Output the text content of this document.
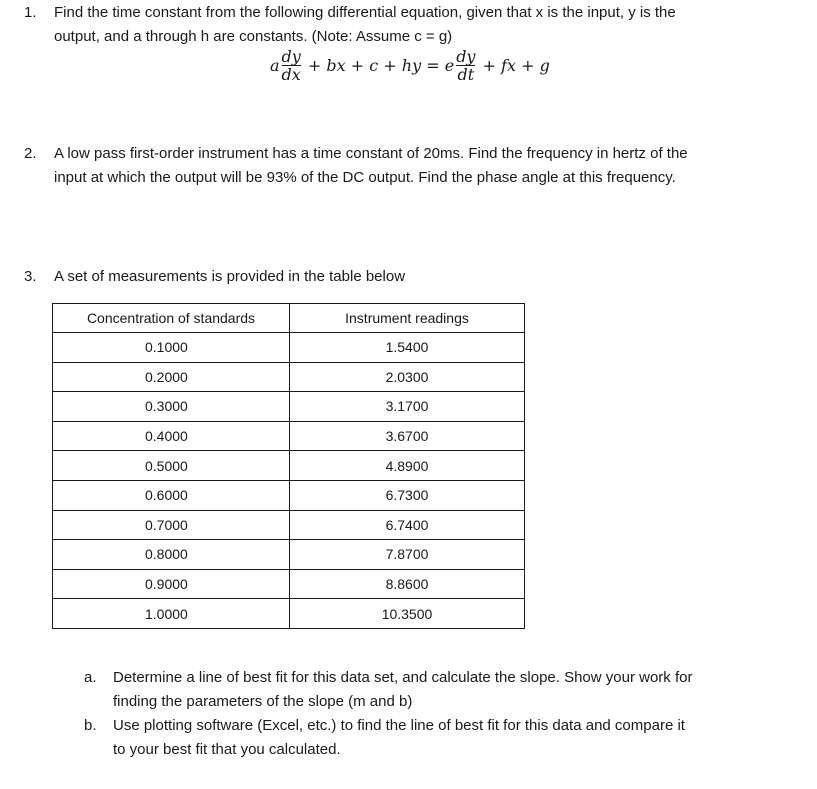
1. Find the time constant from the following differential equation, given that x is the input, y is the
output, and a through h are constants. (Note: Assume c = g)
a $\frac{dy}{dx}$ + bx + c + hy = e $\frac{dy}{dt}$ + fx + g
2. A low pass first-order instrument has a time constant of 20ms. Find the frequency in hertz of the
input at which the output will be 93% of the DC output. Find the phase angle at this frequency.
3. A set of measurements is provided in the table below
Concentration of standards	Instrument readings
0.1000	1.5400
0.2000	2.0300
0.3000	3.1700
0.4000	3.6700
0.5000	4.8900
0.6000	6.7300
0.7000	6.7400
0.8000	7.8700
0.9000	8.8600
1.0000	10.3500
a. Determine a line of best fit for this data set, and calculate the slope. Show your work for
finding the parameters of the slope (m and b)
b. Use plotting software (Excel, etc.) to find the line of best fit for this data and compare it
to your best fit that you calculated.
